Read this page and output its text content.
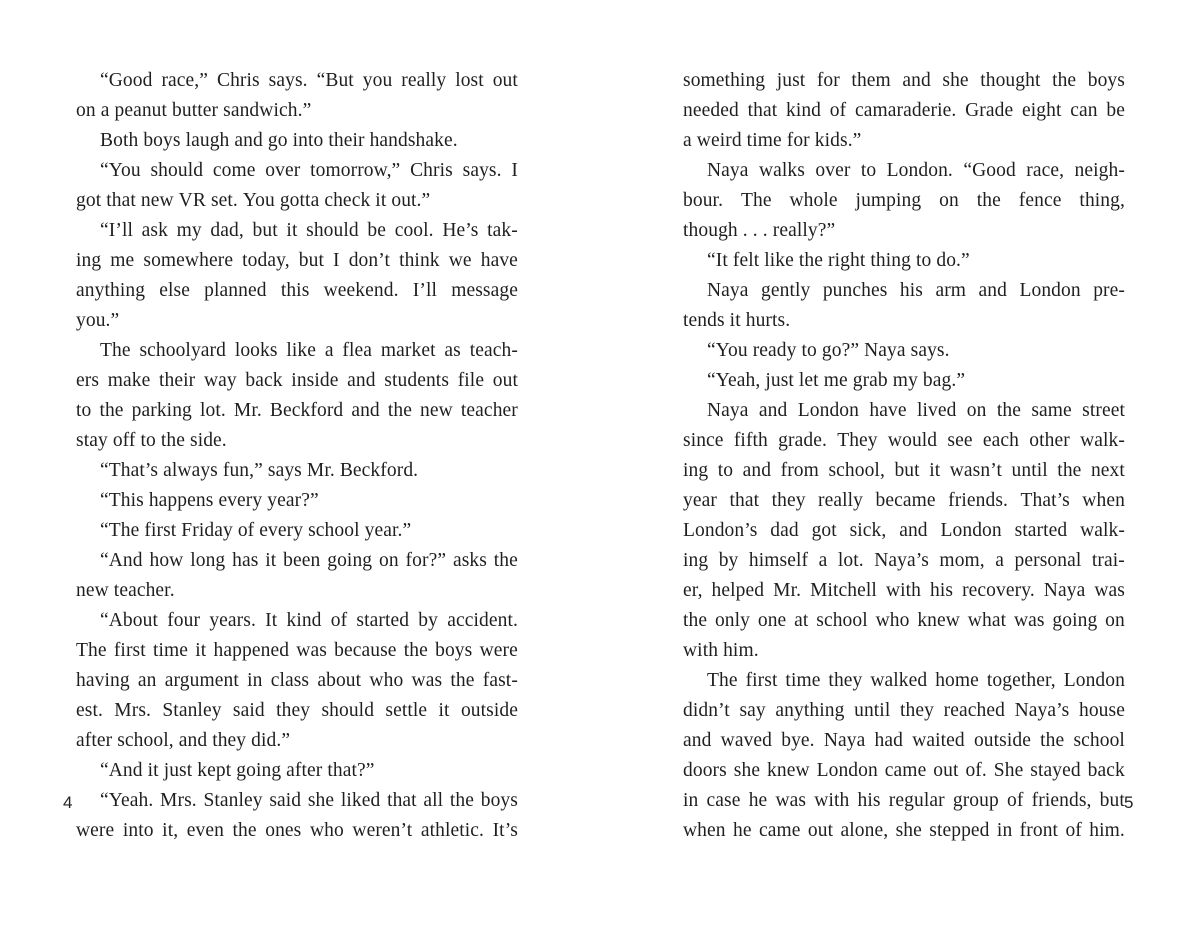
“Good race,” Chris says. “But you really lost out
on a peanut butter sandwich.”
Both boys laugh and go into their handshake.
“You should come over tomorrow,” Chris says. I
got that new VR set. You gotta check it out.”
“I’ll ask my dad, but it should be cool. He’s tak-
ing me somewhere today, but I don’t think we have
anything else planned this weekend. I’ll message
you.”
The schoolyard looks like a flea market as teach-
ers make their way back inside and students file out
to the parking lot. Mr. Beckford and the new teacher
stay off to the side.
“That’s always fun,” says Mr. Beckford.
“This happens every year?”
“The first Friday of every school year.”
“And how long has it been going on for?” asks the
new teacher.
“About four years. It kind of started by accident.
The first time it happened was because the boys were
having an argument in class about who was the fast-
est. Mrs. Stanley said they should settle it outside
after school, and they did.”
“And it just kept going after that?”
“Yeah. Mrs. Stanley said she liked that all the boys
were into it, even the ones who weren’t athletic. It’s
something just for them and she thought the boys
needed that kind of camaraderie. Grade eight can be
a weird time for kids.”
Naya walks over to London. “Good race, neigh-
bour. The whole jumping on the fence thing,
though . . . really?”
“It felt like the right thing to do.”
Naya gently punches his arm and London pre-
tends it hurts.
“You ready to go?” Naya says.
“Yeah, just let me grab my bag.”
Naya and London have lived on the same street
since fifth grade. They would see each other walk-
ing to and from school, but it wasn’t until the next
year that they really became friends. That’s when
London’s dad got sick, and London started walk-
ing by himself a lot. Naya’s mom, a personal trai-
er, helped Mr. Mitchell with his recovery. Naya was
the only one at school who knew what was going on
with him.
The first time they walked home together, London
didn’t say anything until they reached Naya’s house
and waved bye. Naya had waited outside the school
doors she knew London came out of. She stayed back
in case he was with his regular group of friends, but
when he came out alone, she stepped in front of him.
4	5
